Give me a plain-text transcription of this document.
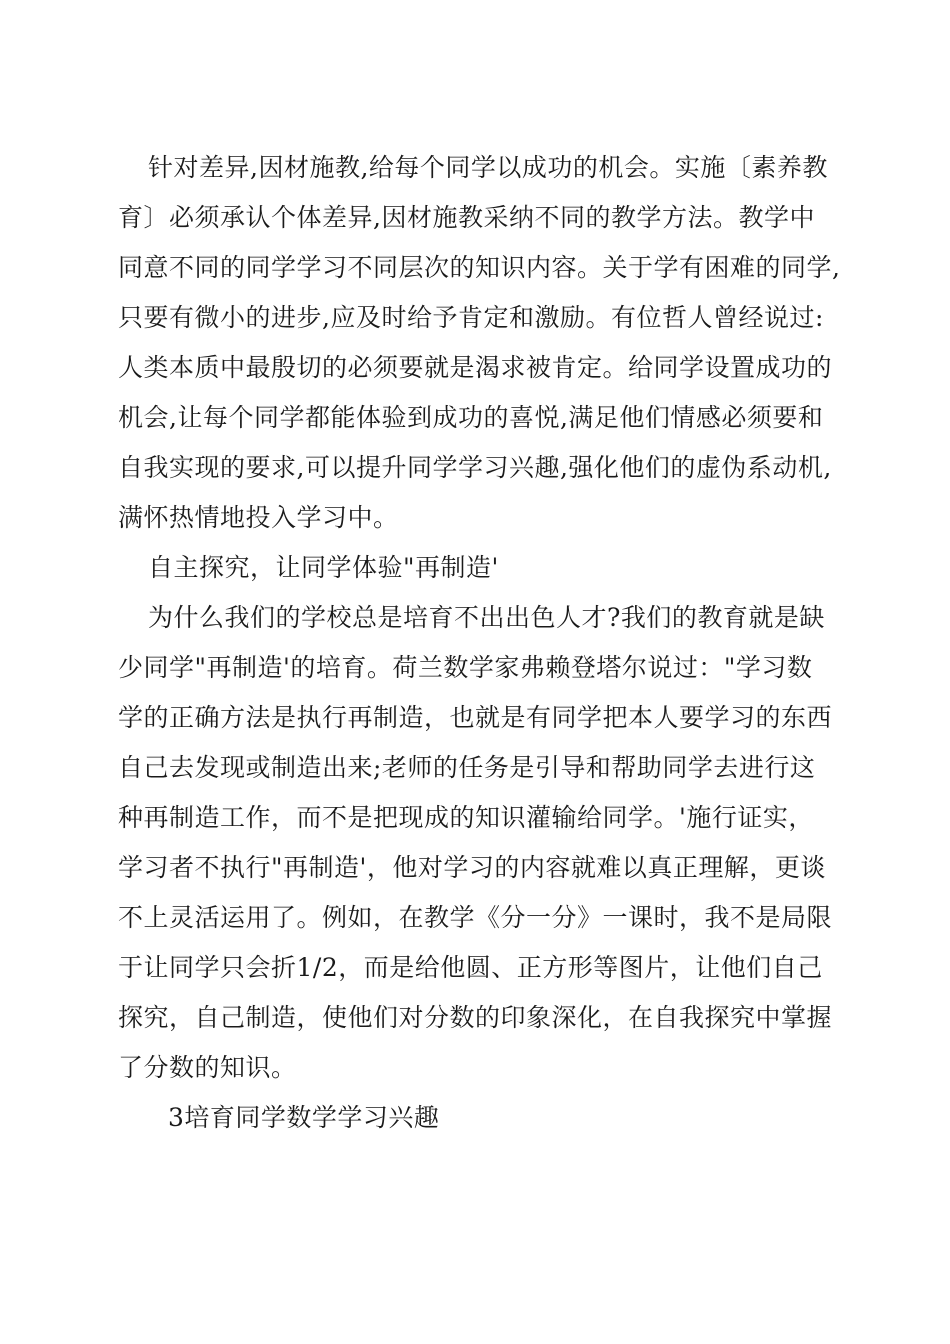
针对差异,因材施教,给每个同学以成功的机会。实施〔素养教
育〕必须承认个体差异,因材施教采纳不同的教学方法。教学中
同意不同的同学学习不同层次的知识内容。关于学有困难的同学,
只要有微小的进步,应及时给予肯定和激励。有位哲人曾经说过:
人类本质中最殷切的必须要就是渴求被肯定。给同学设置成功的
机会,让每个同学都能体验到成功的喜悦,满足他们情感必须要和
自我实现的要求,可以提升同学学习兴趣,强化他们的虚伪系动机,
满怀热情地投入学习中。
自主探究，让同学体验"再制造'
为什么我们的学校总是培育不出出色人才?我们的教育就是缺
少同学"再制造'的培育。荷兰数学家弗赖登塔尔说过："学习数
学的正确方法是执行再制造，也就是有同学把本人要学习的东西
自己去发现或制造出来;老师的任务是引导和帮助同学去进行这
种再制造工作，而不是把现成的知识灌输给同学。'施行证实，
学习者不执行"再制造'，他对学习的内容就难以真正理解，更谈
不上灵活运用了。例如，在教学《分一分》一课时，我不是局限
于让同学只会折1/2，而是给他圆、正方形等图片，让他们自己
探究，自己制造，使他们对分数的印象深化，在自我探究中掌握
了分数的知识。
3培育同学数学学习兴趣
